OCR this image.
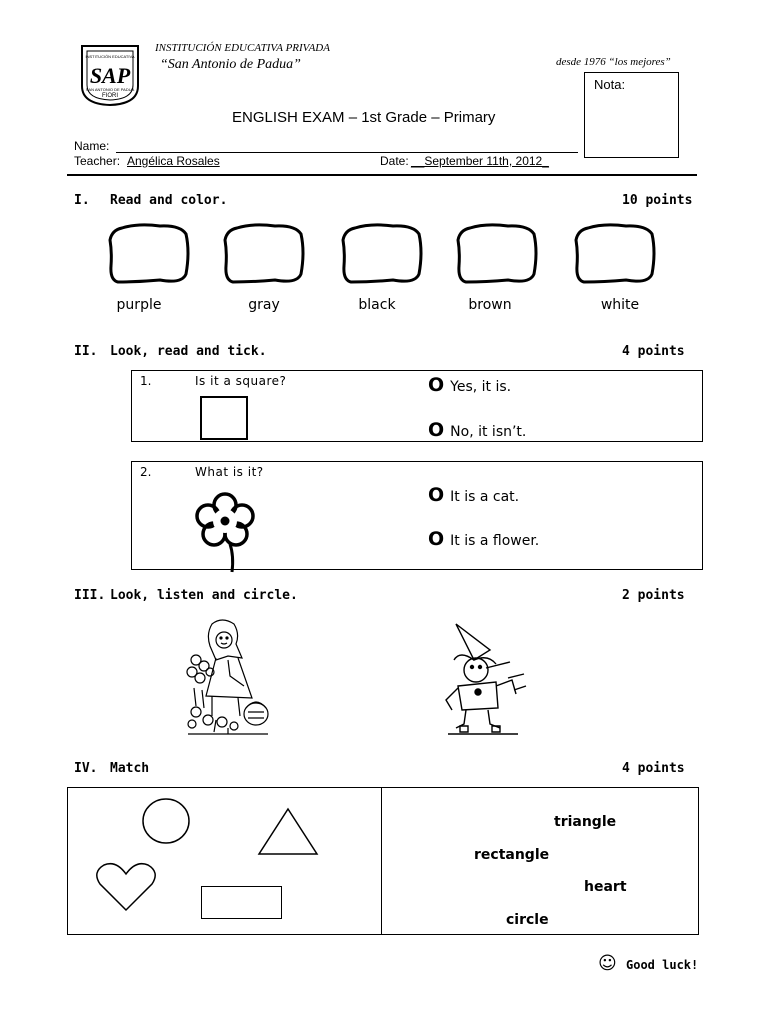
SAP
FIORI
INSTITUCIÓN EDUCATIVA
SAN ANTONIO DE PADUA
INSTITUCIÓN EDUCATIVA PRIVADA
“San Antonio de Padua”	desde 1976 “los mejores”
Nota:
ENGLISH EXAM – 1st Grade – Primary
Name:
Teacher: Angélica Rosales	Date: __September 11th, 2012_
I. Read and color.	10 points
purple	gray	black	brown	white
II. Look, read and tick.	4 points
1.	Is it a square?	O Yes, it is.
O No, it isn’t.
2.	What is it?
O It is a cat.
O It is a flower.
III. Look, listen and circle.	2 points
IV. Match	4 points
triangle
rectangle
heart
circle
☺ Good luck!
